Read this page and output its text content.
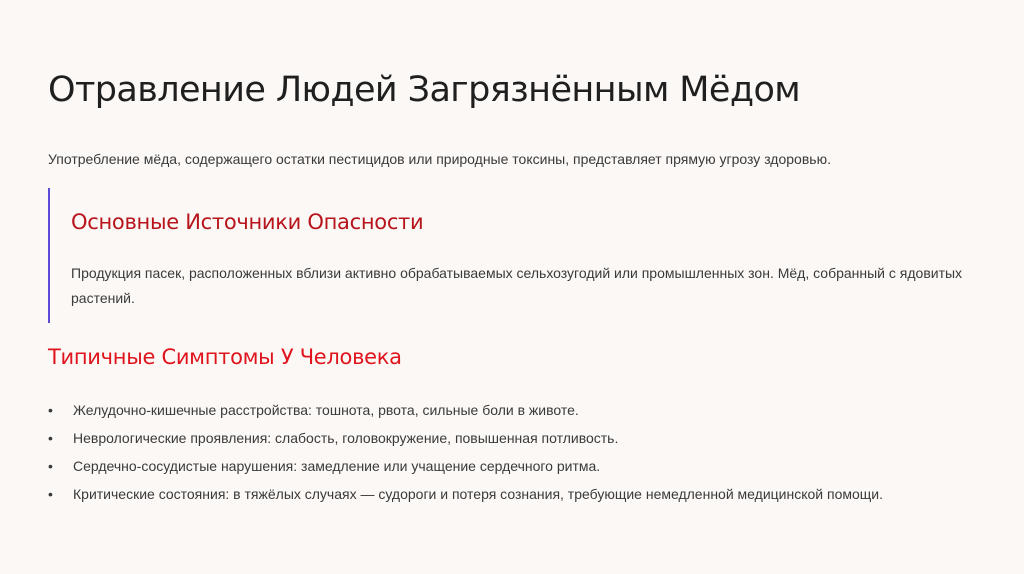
Отравление Людей Загрязнённым Мёдом

Употребление мёда, содержащего остатки пестицидов или природные токсины, представляет прямую угрозу здоровью.

Основные Источники Опасности

Продукция пасек, расположенных вблизи активно обрабатываемых сельхозугодий или промышленных зон. Мёд, собранный с ядовитых растений.

Типичные Симптомы У Человека
•	Желудочно-кишечные расстройства: тошнота, рвота, сильные боли в животе.
•	Неврологические проявления: слабость, головокружение, повышенная потливость.
•	Сердечно-сосудистые нарушения: замедление или учащение сердечного ритма.
•	Критические состояния: в тяжёлых случаях — судороги и потеря сознания, требующие немедленной медицинской помощи.
